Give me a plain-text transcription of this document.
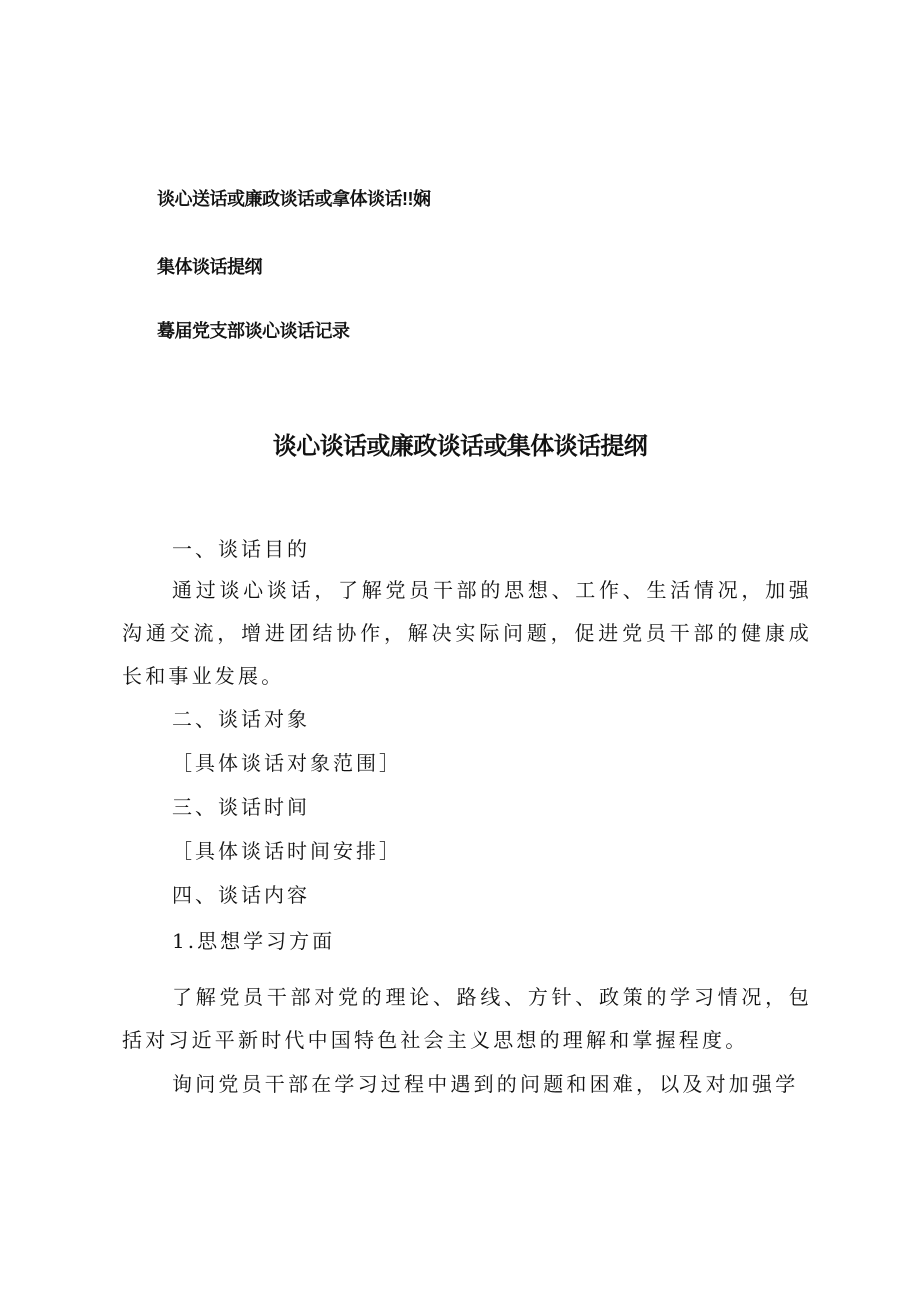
谈心送话或廉政谈话或拿体谈话!!娴
集体谈话提纲
蓦届党支部谈心谈话记录
谈心谈话或廉政谈话或集体谈话提纲
一、谈话目的
通过谈心谈话，了解党员干部的思想、工作、生活情况，加强沟通交流，增进团结协作，解决实际问题，促进党员干部的健康成长和事业发展。
二、谈话对象
［具体谈话对象范围］
三、谈话时间
［具体谈话时间安排］
四、谈话内容
1.思想学习方面
了解党员干部对党的理论、路线、方针、政策的学习情况，包括对习近平新时代中国特色社会主义思想的理解和掌握程度。
询问党员干部在学习过程中遇到的问题和困难，以及对加强学
